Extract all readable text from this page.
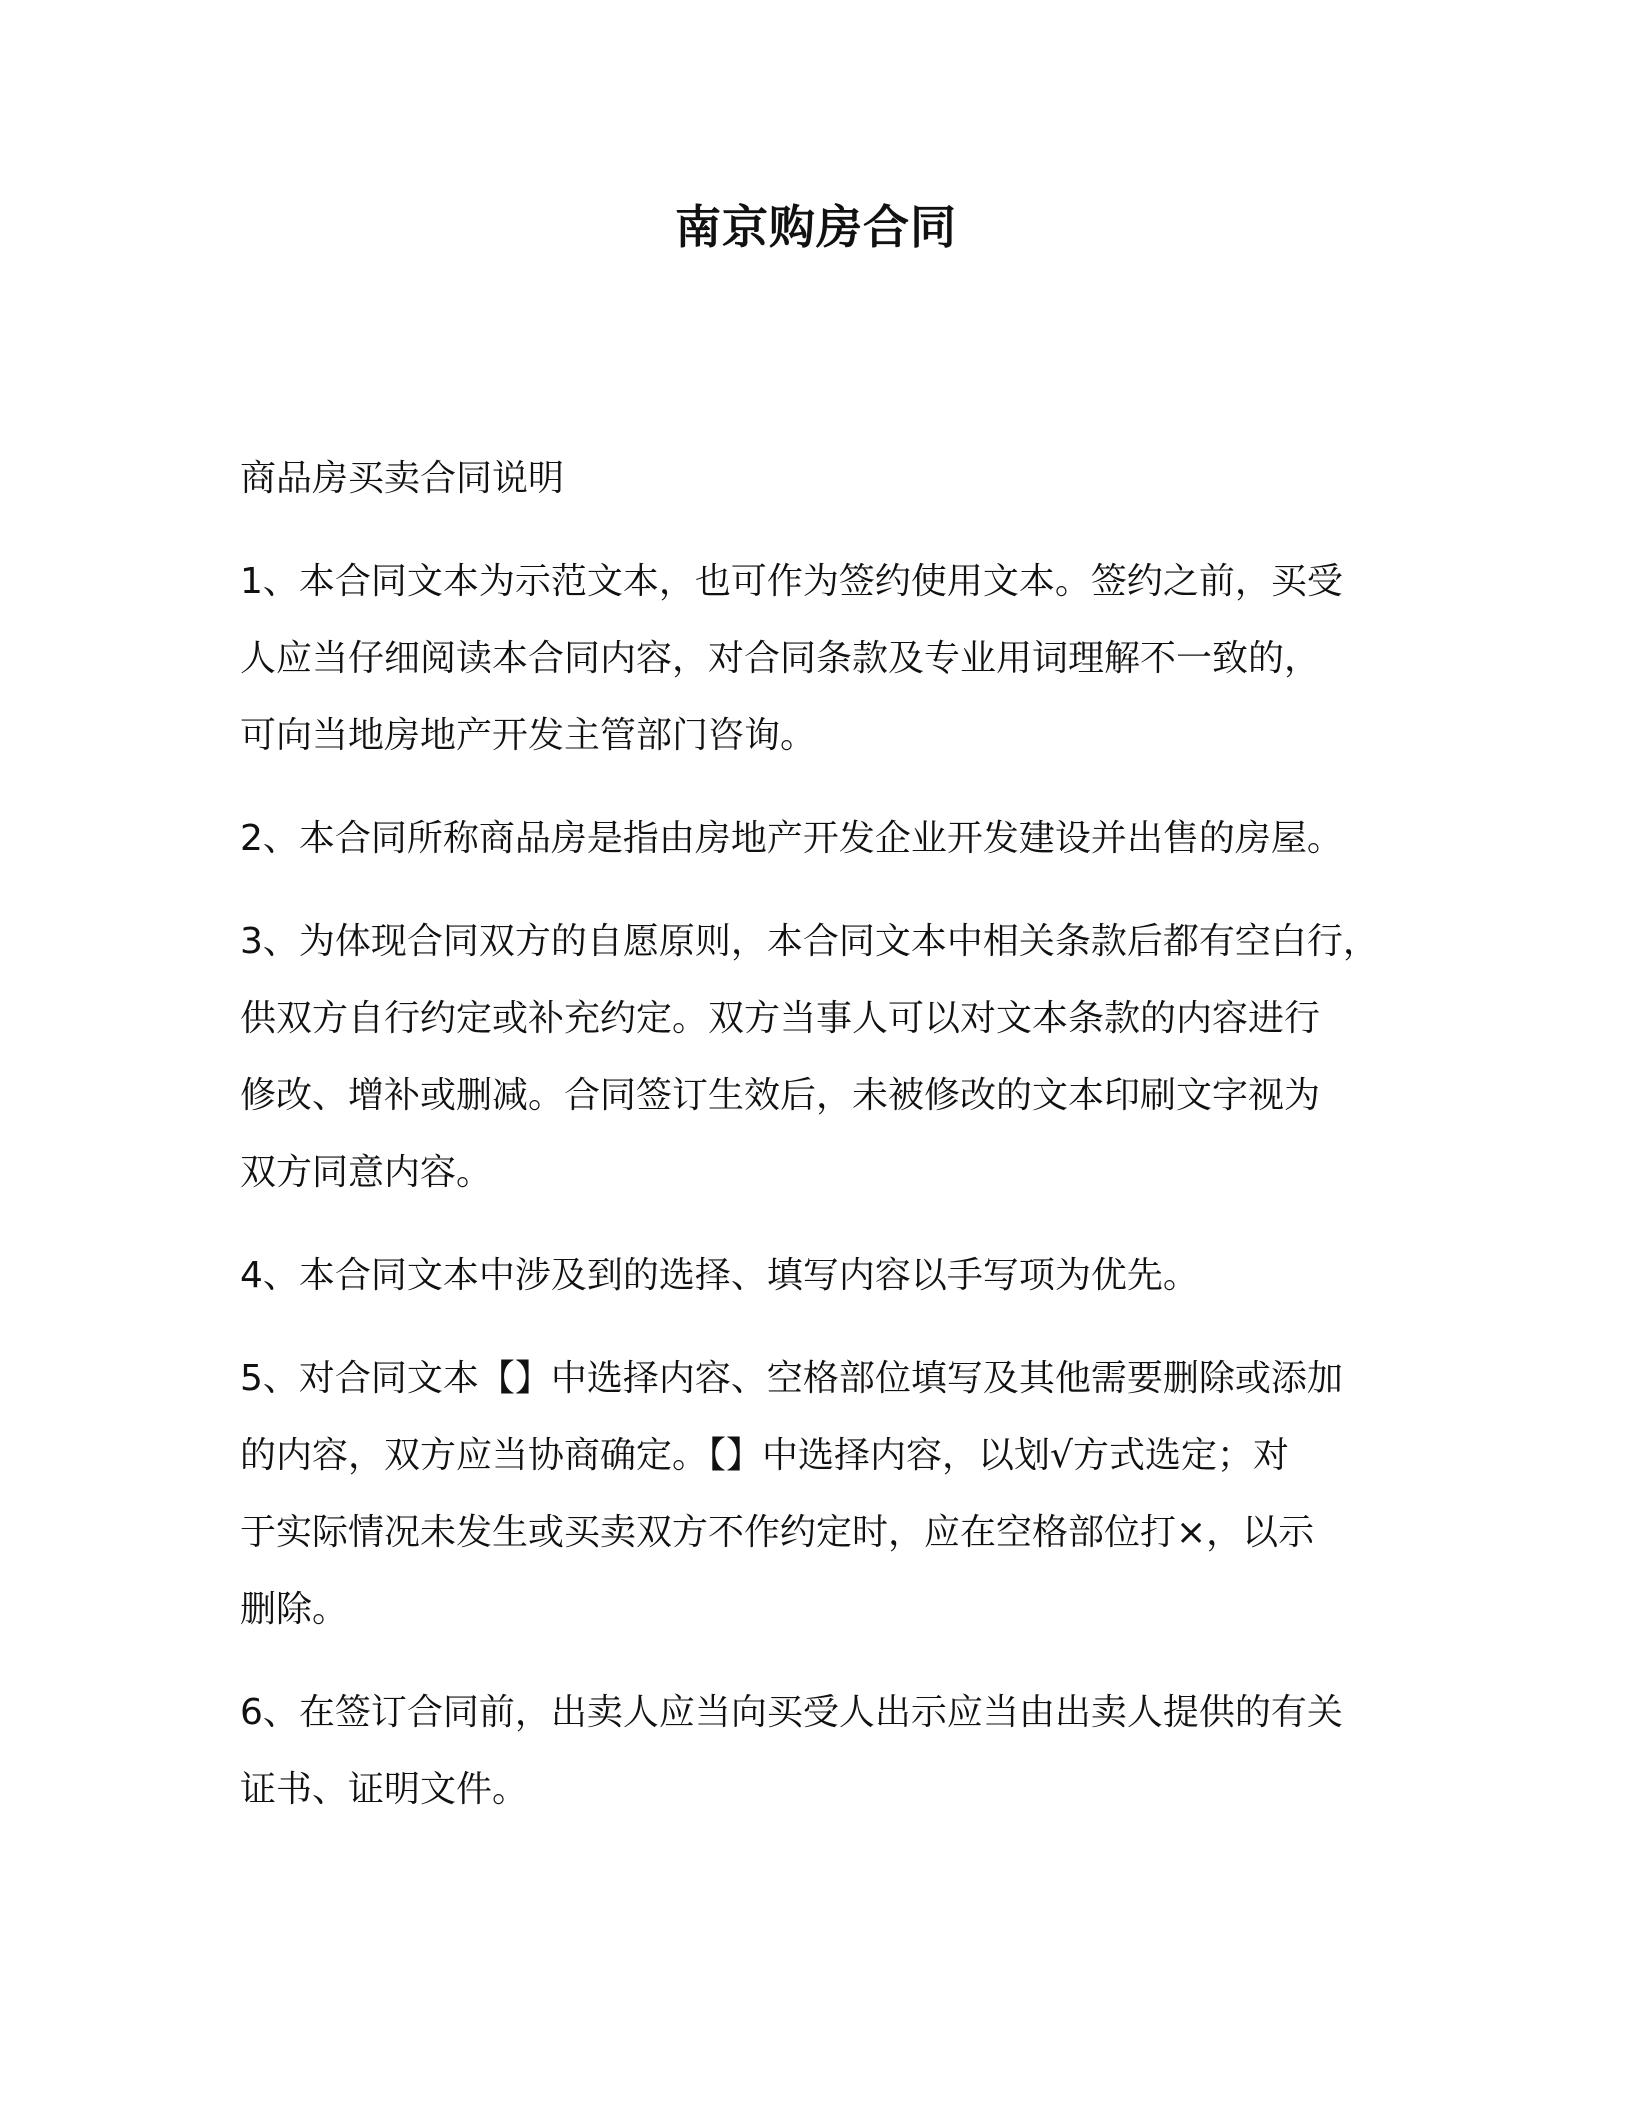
南京购房合同
商品房买卖合同说明
1、本合同文本为示范文本，也可作为签约使用文本。签约之前，买受
人应当仔细阅读本合同内容，对合同条款及专业用词理解不一致的，
可向当地房地产开发主管部门咨询。
2、本合同所称商品房是指由房地产开发企业开发建设并出售的房屋。
3、为体现合同双方的自愿原则，本合同文本中相关条款后都有空白行，
供双方自行约定或补充约定。双方当事人可以对文本条款的内容进行
修改、增补或删减。合同签订生效后，未被修改的文本印刷文字视为
双方同意内容。
4、本合同文本中涉及到的选择、填写内容以手写项为优先。
5、对合同文本【】中选择内容、空格部位填写及其他需要删除或添加
的内容，双方应当协商确定。【】中选择内容，以划√方式选定；对
于实际情况未发生或买卖双方不作约定时，应在空格部位打×，以示
删除。
6、在签订合同前，出卖人应当向买受人出示应当由出卖人提供的有关
证书、证明文件。
